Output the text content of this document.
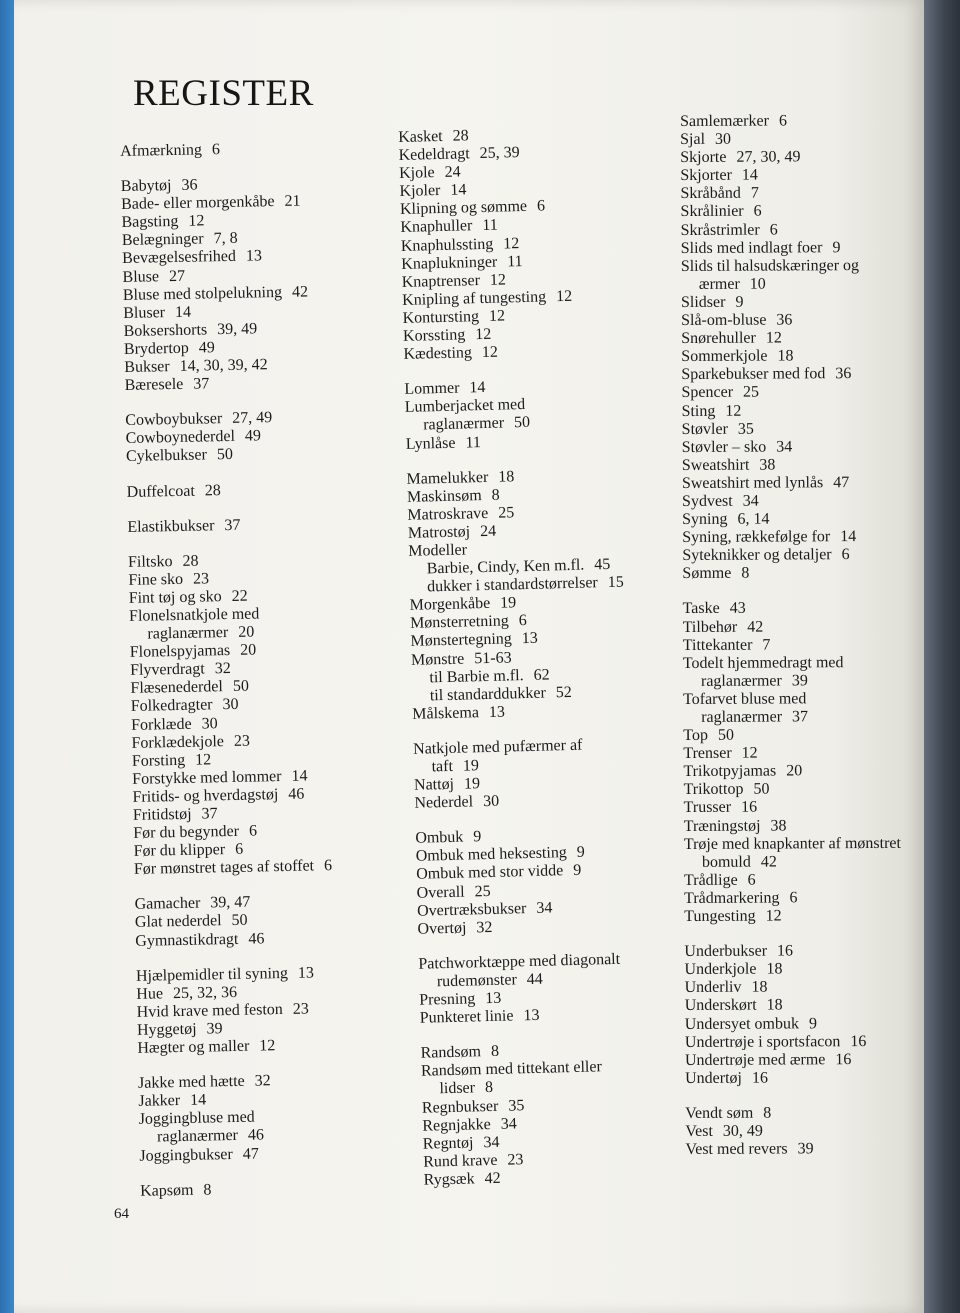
REGISTER
Afmærkning 6
Babytøj 36
Bade- eller morgenkåbe 21
Bagsting 12
Belægninger 7, 8
Bevægelsesfrihed 13
Bluse 27
Bluse med stolpelukning 42
Bluser 14
Boksershorts 39, 49
Brydertop 49
Bukser 14, 30, 39, 42
Bæresele 37
Cowboybukser 27, 49
Cowboynederdel 49
Cykelbukser 50
Duffelcoat 28
Elastikbukser 37
Filtsko 28
Fine sko 23
Fint tøj og sko 22
Flonelsnatkjole med
raglanærmer 20
Flonelspyjamas 20
Flyverdragt 32
Flæsenederdel 50
Folkedragter 30
Forklæde 30
Forklædekjole 23
Forsting 12
Forstykke med lommer 14
Fritids- og hverdagstøj 46
Fritidstøj 37
Før du begynder 6
Før du klipper 6
Før mønstret tages af stoffet 6
Gamacher 39, 47
Glat nederdel 50
Gymnastikdragt 46
Hjælpemidler til syning 13
Hue 25, 32, 36
Hvid krave med feston 23
Hyggetøj 39
Hægter og maller 12
Jakke med hætte 32
Jakker 14
Joggingbluse med
raglanærmer 46
Joggingbukser 47
Kapsøm 8
Kasket 28
Kedeldragt 25, 39
Kjole 24
Kjoler 14
Klipning og sømme 6
Knaphuller 11
Knaphulssting 12
Knaplukninger 11
Knaptrenser 12
Knipling af tungesting 12
Kontursting 12
Korssting 12
Kædesting 12
Lommer 14
Lumberjacket med
raglanærmer 50
Lynlåse 11
Mamelukker 18
Maskinsøm 8
Matroskrave 25
Matrostøj 24
Modeller
Barbie, Cindy, Ken m.fl. 45
dukker i standardstørrelser 15
Morgenkåbe 19
Mønsterretning 6
Mønstertegning 13
Mønstre 51-63
til Barbie m.fl. 62
til standarddukker 52
Målskema 13
Natkjole med pufærmer af
taft 19
Nattøj 19
Nederdel 30
Ombuk 9
Ombuk med heksesting 9
Ombuk med stor vidde 9
Overall 25
Overtræksbukser 34
Overtøj 32
Patchworktæppe med diagonalt
rudemønster 44
Presning 13
Punkteret linie 13
Randsøm 8
Randsøm med tittekant eller
lidser 8
Regnbukser 35
Regnjakke 34
Regntøj 34
Rund krave 23
Rygsæk 42
Samlemærker 6
Sjal 30
Skjorte 27, 30, 49
Skjorter 14
Skråbånd 7
Skrålinier 6
Skråstrimler 6
Slids med indlagt foer 9
Slids til halsudskæringer og
ærmer 10
Slidser 9
Slå-om-bluse 36
Snørehuller 12
Sommerkjole 18
Sparkebukser med fod 36
Spencer 25
Sting 12
Støvler 35
Støvler – sko 34
Sweatshirt 38
Sweatshirt med lynlås 47
Sydvest 34
Syning 6, 14
Syning, rækkefølge for 14
Syteknikker og detaljer 6
Sømme 8
Taske 43
Tilbehør 42
Tittekanter 7
Todelt hjemmedragt med
raglanærmer 39
Tofarvet bluse med
raglanærmer 37
Top 50
Trenser 12
Trikotpyjamas 20
Trikottop 50
Trusser 16
Træningstøj 38
Trøje med knapkanter af mønstret
bomuld 42
Trådlige 6
Trådmarkering 6
Tungesting 12
Underbukser 16
Underkjole 18
Underliv 18
Underskørt 18
Undersyet ombuk 9
Undertrøje i sportsfacon 16
Undertrøje med ærme 16
Undertøj 16
Vendt søm 8
Vest 30, 49
Vest med revers 39
64
